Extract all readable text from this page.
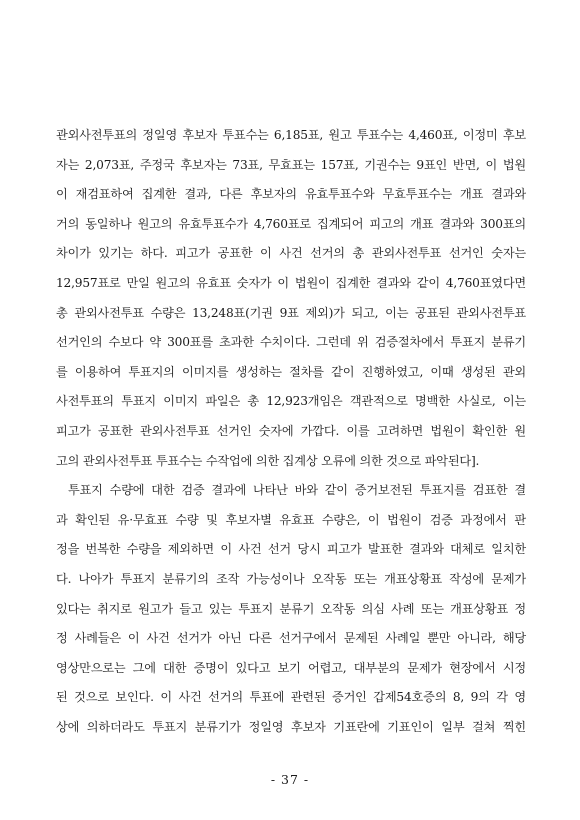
관외사전투표의 정일영 후보자 투표수는 6,185표, 원고 투표수는 4,460표, 이정미 후보
자는 2,073표, 주정국 후보자는 73표, 무효표는 157표, 기권수는 9표인 반면, 이 법원
이 재검표하여 집계한 결과, 다른 후보자의 유효투표수와 무효투표수는 개표 결과와
거의 동일하나 원고의 유효투표수가 4,760표로 집계되어 피고의 개표 결과와 300표의
차이가 있기는 하다. 피고가 공표한 이 사건 선거의 총 관외사전투표 선거인 숫자는
12,957표로 만일 원고의 유효표 숫자가 이 법원이 집계한 결과와 같이 4,760표였다면
총 관외사전투표 수량은 13,248표(기권 9표 제외)가 되고, 이는 공표된 관외사전투표
선거인의 수보다 약 300표를 초과한 수치이다. 그런데 위 검증절차에서 투표지 분류기
를 이용하여 투표지의 이미지를 생성하는 절차를 같이 진행하였고, 이때 생성된 관외
사전투표의 투표지 이미지 파일은 총 12,923개임은 객관적으로 명백한 사실로, 이는
피고가 공표한 관외사전투표 선거인 숫자에 가깝다. 이를 고려하면 법원이 확인한 원
고의 관외사전투표 투표수는 수작업에 의한 집계상 오류에 의한 것으로 파악된다].
투표지 수량에 대한 검증 결과에 나타난 바와 같이 증거보전된 투표지를 검표한 결
과 확인된 유·무효표 수량 및 후보자별 유효표 수량은, 이 법원이 검증 과정에서 판
정을 번복한 수량을 제외하면 이 사건 선거 당시 피고가 발표한 결과와 대체로 일치한
다. 나아가 투표지 분류기의 조작 가능성이나 오작동 또는 개표상황표 작성에 문제가
있다는 취지로 원고가 들고 있는 투표지 분류기 오작동 의심 사례 또는 개표상황표 정
정 사례들은 이 사건 선거가 아닌 다른 선거구에서 문제된 사례일 뿐만 아니라, 해당
영상만으로는 그에 대한 증명이 있다고 보기 어렵고, 대부분의 문제가 현장에서 시정
된 것으로 보인다. 이 사건 선거의 투표에 관련된 증거인 갑제54호증의 8, 9의 각 영
상에 의하더라도 투표지 분류기가 정일영 후보자 기표란에 기표인이 일부 걸쳐 찍힌
- 37 -
